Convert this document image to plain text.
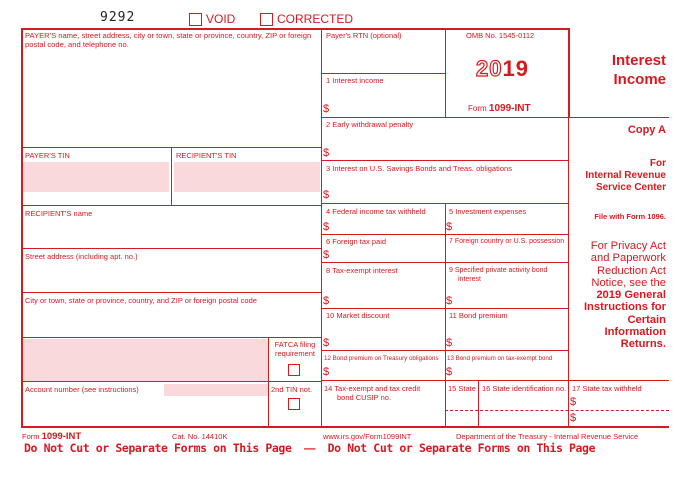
9292	VOID	CORRECTED
PAYER'S name, street address, city or town, state or province, country, ZIP or foreign postal code, and telephone no.
PAYER'S TIN	RECIPIENT'S TIN
RECIPIENT'S name
Street address (including apt. no.)
City or town, state or province, country, and ZIP or foreign postal code
FATCA filing requirement
Account number (see instructions)	2nd TIN not.
Payer's RTN (optional)
1 Interest income
$
2 Early withdrawal penalty
$
3 Interest on U.S. Savings Bonds and Treas. obligations
$
4 Federal income tax withheld
$
5 Investment expenses
$
6 Foreign tax paid
$
7 Foreign country or U.S. possession
8 Tax-exempt interest
$
9 Specified private activity bond
interest
$
10 Market discount
$
11 Bond premium
$
12 Bond premium on Treasury obligations
$
13 Bond premium on tax-exempt bond
$
14 Tax-exempt and tax credit
bond CUSIP no.
15 State 16 State identification no. 17 State tax withheld
$
$
OMB No. 1545-0112
2019
Form 1099-INT
Interest
Income
Copy A
For
Internal Revenue
Service Center
File with Form 1096.
For Privacy Act
and Paperwork
Reduction Act
Notice, see the
2019 General
Instructions for
Certain
Information
Returns.
Form 1099-INT	Cat. No. 14410K	www.irs.gov/Form1099INT	Department of the Treasury - Internal Revenue Service
Do Not Cut or Separate Forms on This Page — Do Not Cut or Separate Forms on This Page
